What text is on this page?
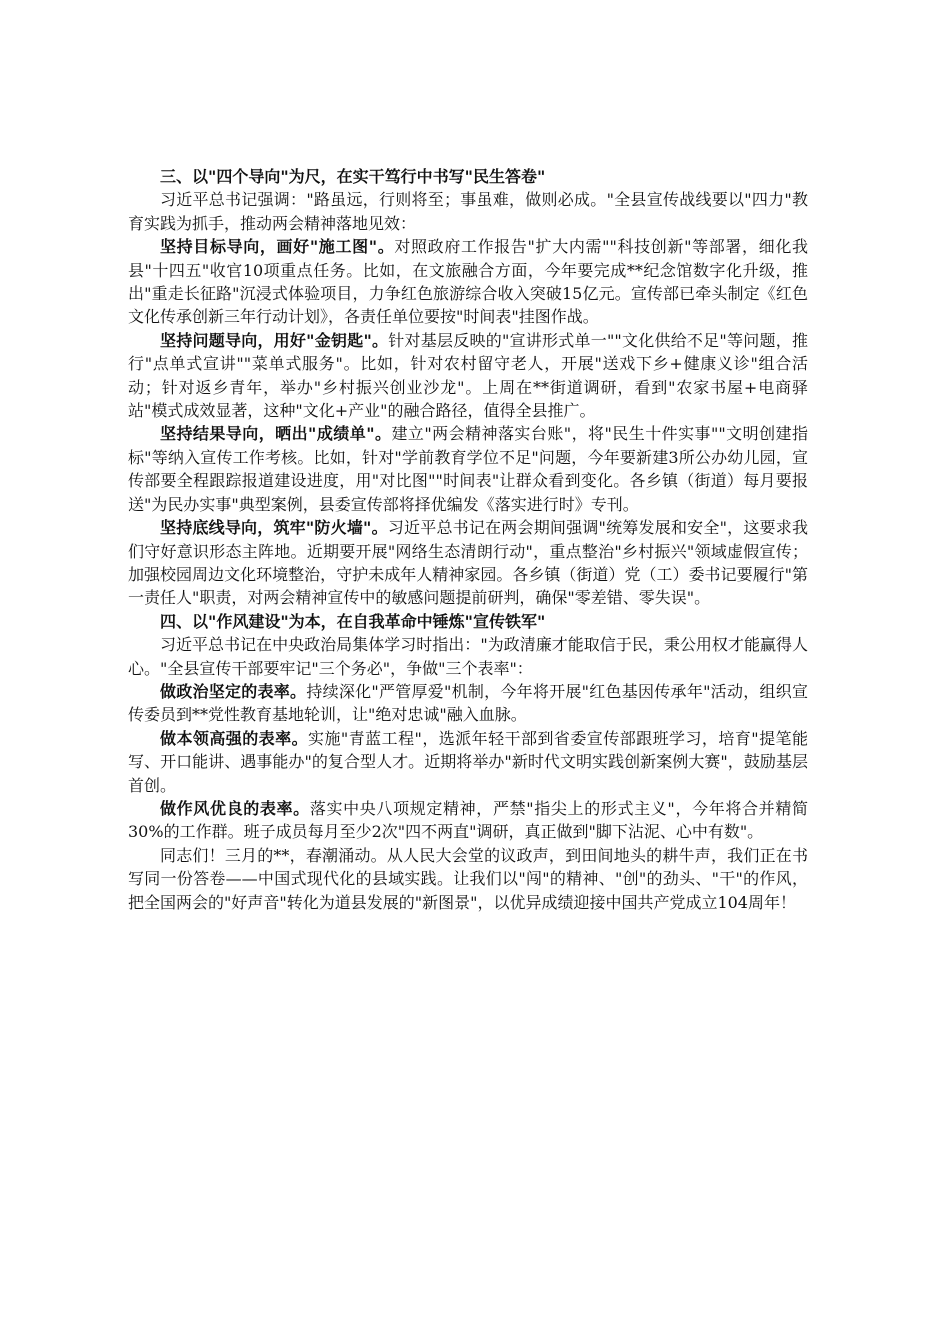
三、以"四个导向"为尺，在实干笃行中书写"民生答卷"

习近平总书记强调："路虽远，行则将至；事虽难，做则必成。"全县宣传战线要以"四力"教育实践为抓手，推动两会精神落地见效：

坚持目标导向，画好"施工图"。对照政府工作报告"扩大内需""科技创新"等部署，细化我县"十四五"收官10项重点任务。比如，在文旅融合方面，今年要完成**纪念馆数字化升级，推出"重走长征路"沉浸式体验项目，力争红色旅游综合收入突破15亿元。宣传部已牵头制定《红色文化传承创新三年行动计划》，各责任单位要按"时间表"挂图作战。

坚持问题导向，用好"金钥匙"。针对基层反映的"宣讲形式单一""文化供给不足"等问题，推行"点单式宣讲""菜单式服务"。比如，针对农村留守老人，开展"送戏下乡+健康义诊"组合活动；针对返乡青年，举办"乡村振兴创业沙龙"。上周在**街道调研，看到"农家书屋+电商驿站"模式成效显著，这种"文化+产业"的融合路径，值得全县推广。

坚持结果导向，晒出"成绩单"。建立"两会精神落实台账"，将"民生十件实事""文明创建指标"等纳入宣传工作考核。比如，针对"学前教育学位不足"问题，今年要新建3所公办幼儿园，宣传部要全程跟踪报道建设进度，用"对比图""时间表"让群众看到变化。各乡镇（街道）每月要报送"为民办实事"典型案例，县委宣传部将择优编发《落实进行时》专刊。

坚持底线导向，筑牢"防火墙"。习近平总书记在两会期间强调"统筹发展和安全"，这要求我们守好意识形态主阵地。近期要开展"网络生态清朗行动"，重点整治"乡村振兴"领域虚假宣传；加强校园周边文化环境整治，守护未成年人精神家园。各乡镇（街道）党（工）委书记要履行"第一责任人"职责，对两会精神宣传中的敏感问题提前研判，确保"零差错、零失误"。

四、以"作风建设"为本，在自我革命中锤炼"宣传铁军"

习近平总书记在中央政治局集体学习时指出："为政清廉才能取信于民，秉公用权才能赢得人心。"全县宣传干部要牢记"三个务必"，争做"三个表率"：

做政治坚定的表率。持续深化"严管厚爱"机制，今年将开展"红色基因传承年"活动，组织宣传委员到**党性教育基地轮训，让"绝对忠诚"融入血脉。

做本领高强的表率。实施"青蓝工程"，选派年轻干部到省委宣传部跟班学习，培育"提笔能写、开口能讲、遇事能办"的复合型人才。近期将举办"新时代文明实践创新案例大赛"，鼓励基层首创。

做作风优良的表率。落实中央八项规定精神，严禁"指尖上的形式主义"，今年将合并精简30%的工作群。班子成员每月至少2次"四不两直"调研，真正做到"脚下沾泥、心中有数"。

同志们！三月的**，春潮涌动。从人民大会堂的议政声，到田间地头的耕牛声，我们正在书写同一份答卷——中国式现代化的县域实践。让我们以"闯"的精神、"创"的劲头、"干"的作风，把全国两会的"好声音"转化为道县发展的"新图景"，以优异成绩迎接中国共产党成立104周年！
